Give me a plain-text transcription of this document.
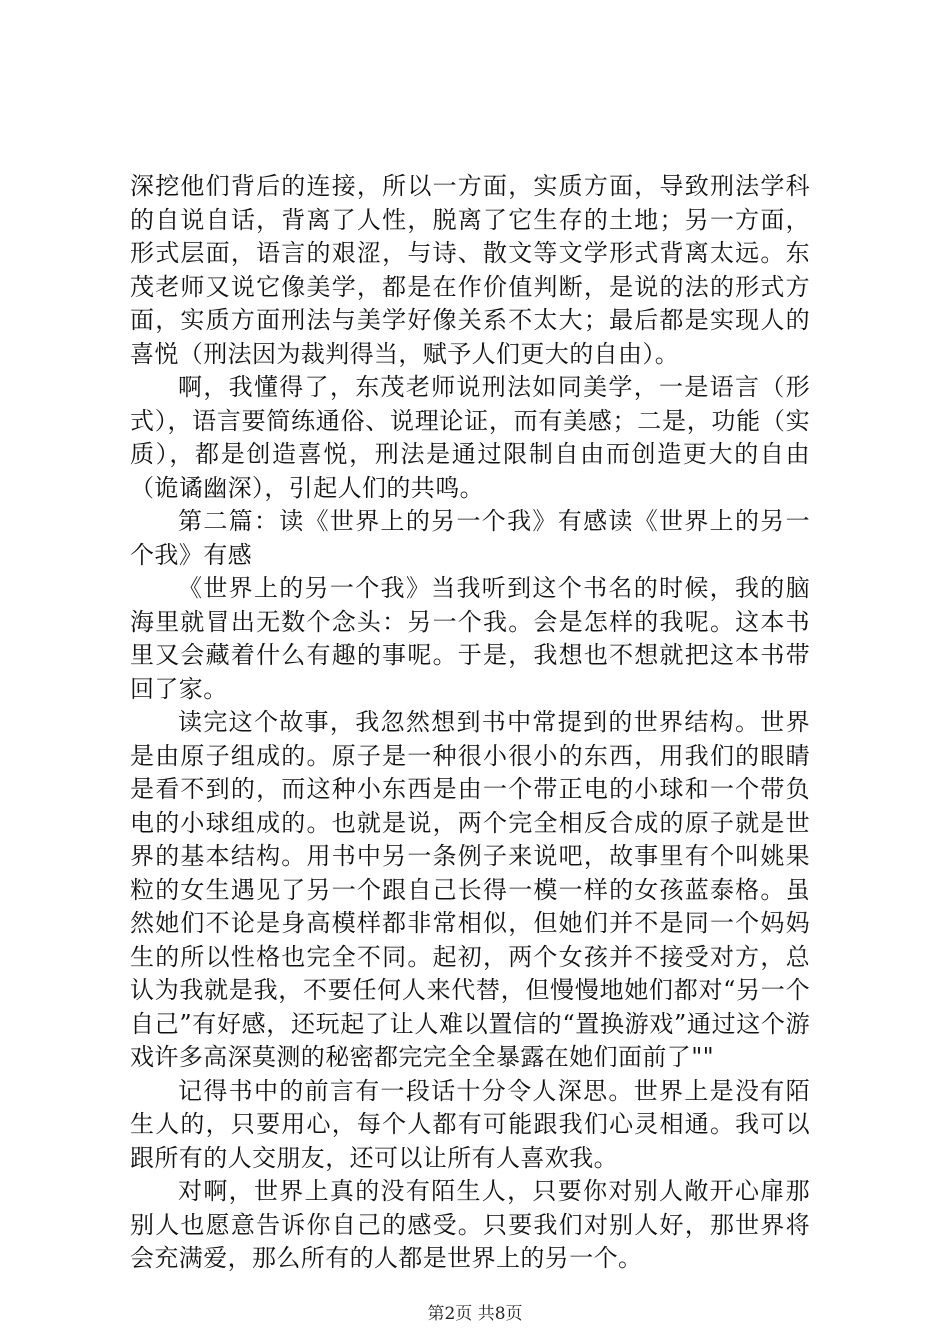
深挖他们背后的连接，所以一方面，实质方面，导致刑法学科的自说自话，背离了人性，脱离了它生存的土地；另一方面，形式层面，语言的艰涩，与诗、散文等文学形式背离太远。东茂老师又说它像美学，都是在作价值判断，是说的法的形式方面，实质方面刑法与美学好像关系不太大；最后都是实现人的喜悦（刑法因为裁判得当，赋予人们更大的自由）。

啊，我懂得了，东茂老师说刑法如同美学，一是语言（形式），语言要简练通俗、说理论证，而有美感；二是，功能（实质），都是创造喜悦，刑法是通过限制自由而创造更大的自由（诡谲幽深），引起人们的共鸣。

第二篇：读《世界上的另一个我》有感读《世界上的另一个我》有感

《世界上的另一个我》当我听到这个书名的时候，我的脑海里就冒出无数个念头：另一个我。会是怎样的我呢。这本书里又会藏着什么有趣的事呢。于是，我想也不想就把这本书带回了家。

读完这个故事，我忽然想到书中常提到的世界结构。世界是由原子组成的。原子是一种很小很小的东西，用我们的眼睛是看不到的，而这种小东西是由一个带正电的小球和一个带负电的小球组成的。也就是说，两个完全相反合成的原子就是世界的基本结构。用书中另一条例子来说吧，故事里有个叫姚果粒的女生遇见了另一个跟自己长得一模一样的女孩蓝泰格。虽然她们不论是身高模样都非常相似，但她们并不是同一个妈妈生的所以性格也完全不同。起初，两个女孩并不接受对方，总认为我就是我，不要任何人来代替，但慢慢地她们都对“另一个自己”有好感，还玩起了让人难以置信的“置换游戏”通过这个游戏许多高深莫测的秘密都完完全全暴露在她们面前了""

记得书中的前言有一段话十分令人深思。世界上是没有陌生人的，只要用心，每个人都有可能跟我们心灵相通。我可以跟所有的人交朋友，还可以让所有人喜欢我。

对啊，世界上真的没有陌生人，只要你对别人敞开心扉那别人也愿意告诉你自己的感受。只要我们对别人好，那世界将会充满爱，那么所有的人都是世界上的另一个。

第2页 共8页
